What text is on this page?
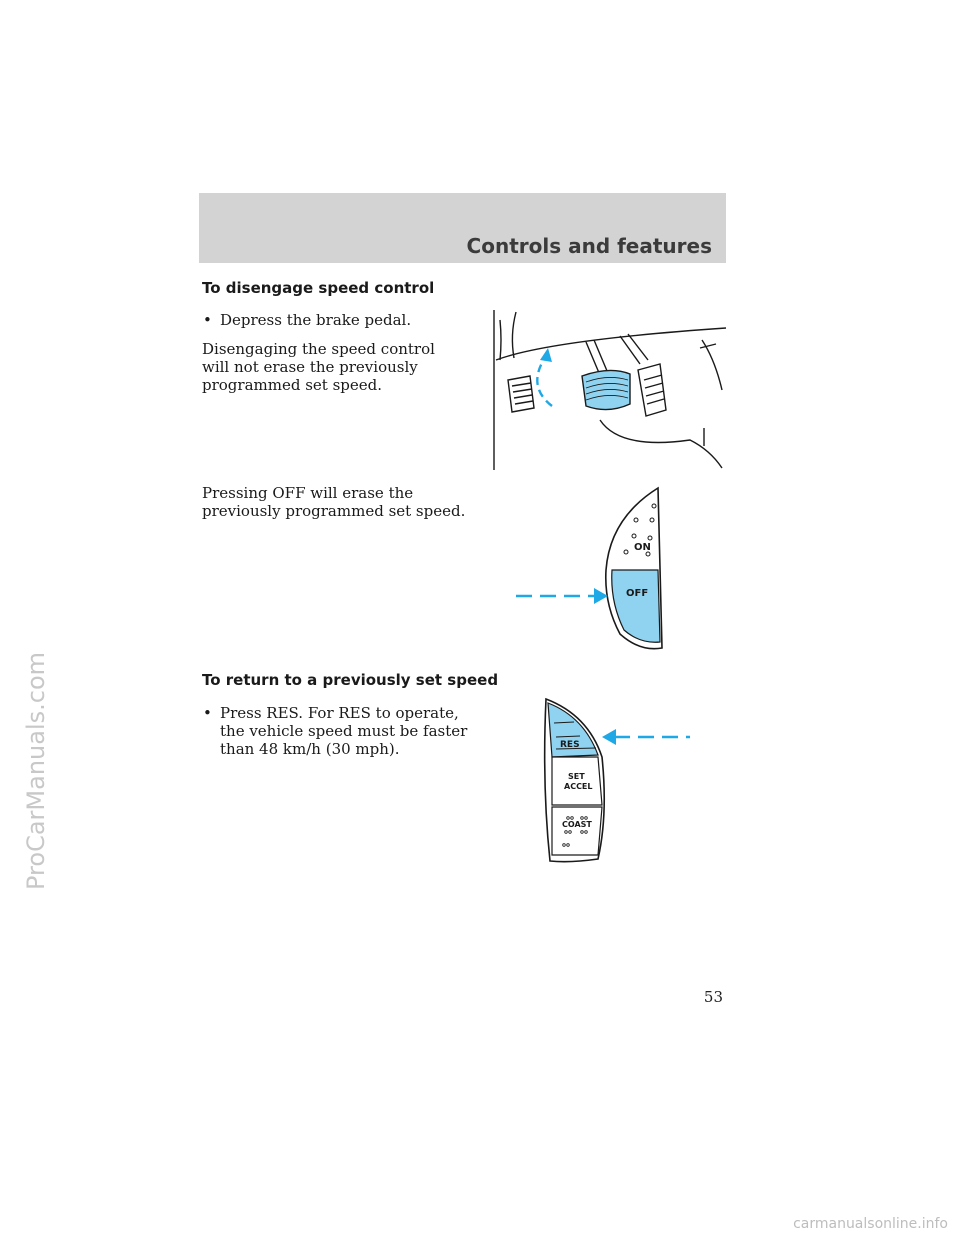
Controls and features
To disengage speed control
• Depress the brake pedal.
Disengaging the speed control will not erase the previously programmed set speed.
Pressing OFF will erase the previously programmed set speed.
To return to a previously set speed
• Press RES. For RES to operate, the vehicle speed must be faster than 48 km/h (30 mph).
ON
OFF
RES
SET
ACCEL
COAST
53
ProCarManuals.com
carmanualsonline.info
